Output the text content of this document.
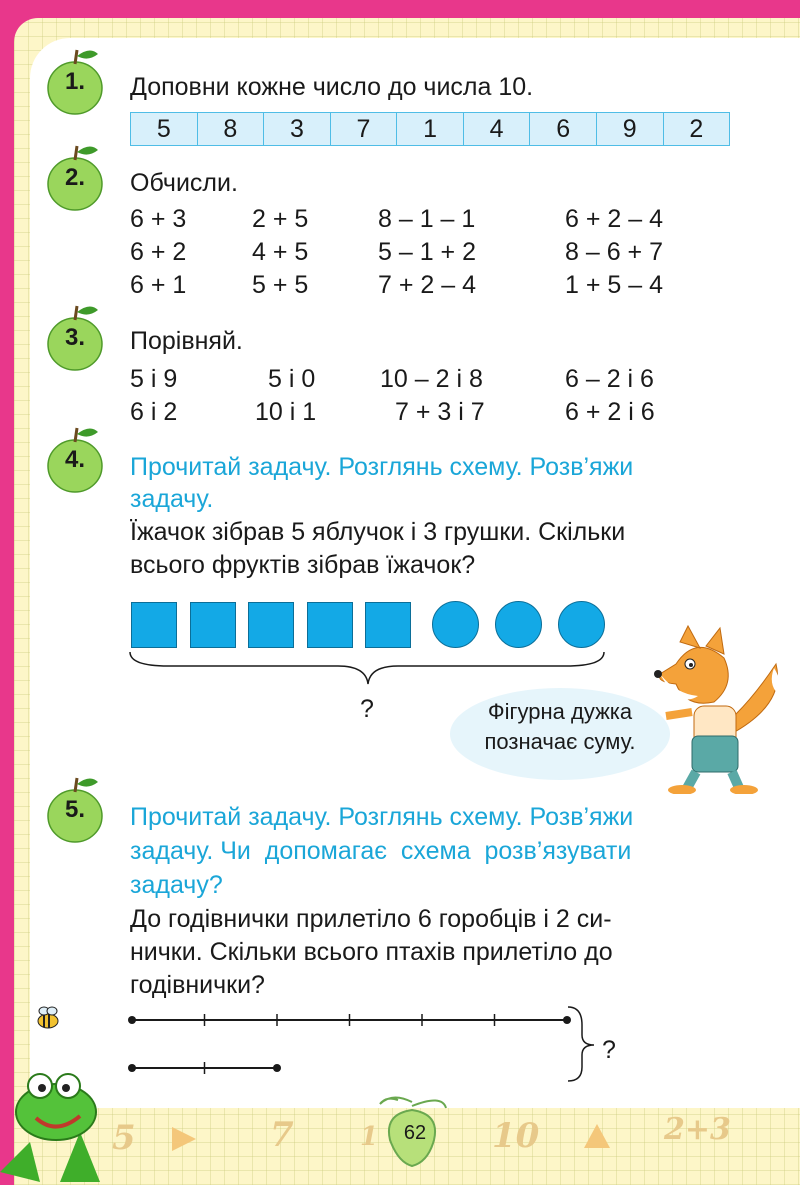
1.	Доповни кожне число до числа 10.
5	8	3	7	1	4	6	9	2
2.	Обчисли.
6 + 3	2 + 5	8 – 1 – 1	6 + 2 – 4
6 + 2	4 + 5	5 – 1 + 2	8 – 6 + 7
6 + 1	5 + 5	7 + 2 – 4	1 + 5 – 4
3.	Порівняй.
5 і 9	5 і 0	10 – 2 і 8	6 – 2 і 6
6 і 2	10 і 1	7 + 3 і 7	6 + 2 і 6
4.	Прочитай задачу. Розглянь схему. Розв’яжи
задачу.
Їжачок зібрав 5 яблучок і 3 грушки. Скільки
всього фруктів зібрав їжачок?
?	Фігурна дужка
позначає суму.
5.	Прочитай задачу. Розглянь схему. Розв’яжи
задачу. Чи  допомагає  схема  розв’язувати
задачу?
До годівнички прилетіло 6 горобців і 2 си-
нички. Скільки всього птахів прилетіло до
годівнички?
?
5	7	1	10	2+3
62
